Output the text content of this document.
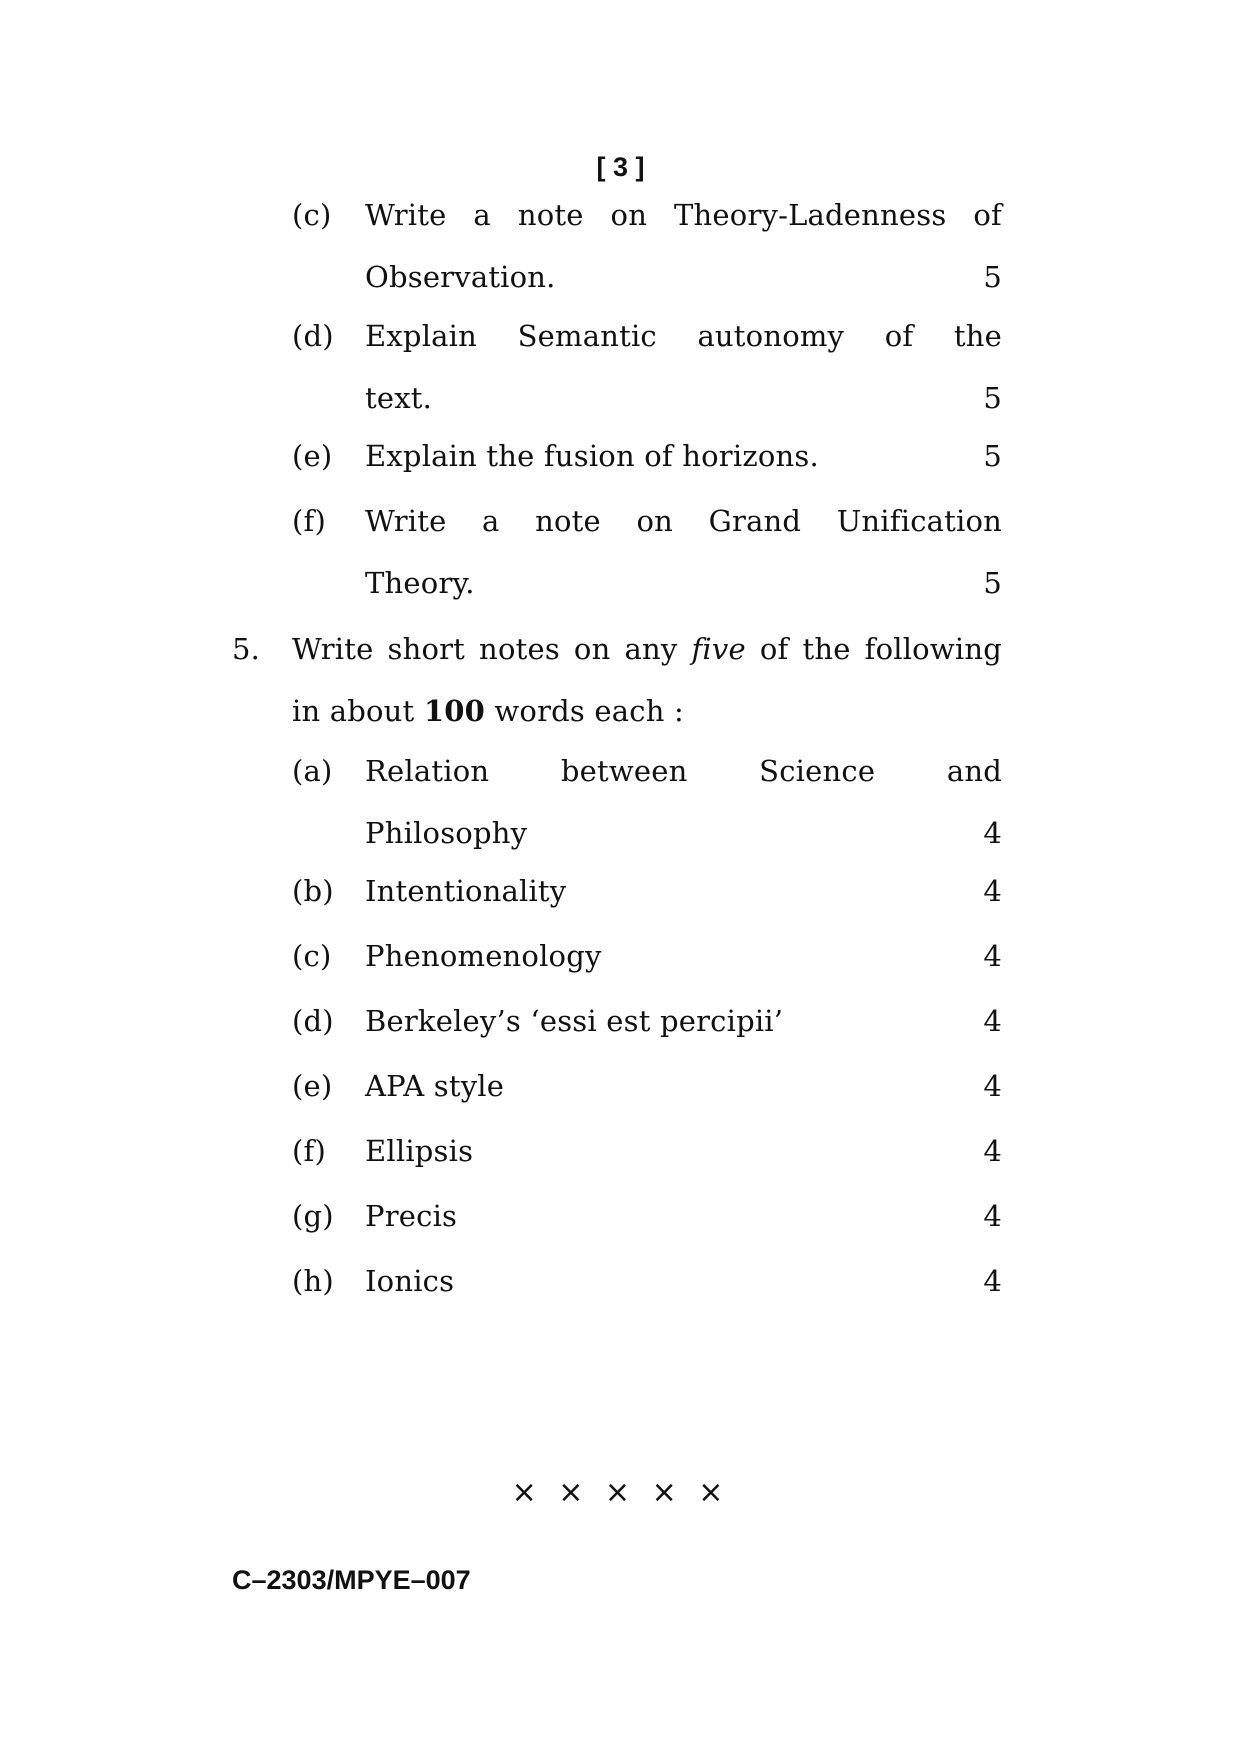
[ 3 ]
(c)	Write a note on Theory-Ladenness of
Observation.	5
(d)	Explain Semantic autonomy of the
text.	5
(e)	Explain the fusion of horizons.	5
(f)	Write a note on Grand Unification
Theory.	5
5.	Write short notes on any five of the following
in about 100 words each :
(a)	Relation between Science and
Philosophy	4
(b)	Intentionality	4
(c)	Phenomenology	4
(d)	Berkeley’s ‘essi est percipii’	4
(e)	APA style	4
(f)	Ellipsis	4
(g)	Precis	4
(h)	Ionics	4
× × × × ×
C–2303/MPYE–007
